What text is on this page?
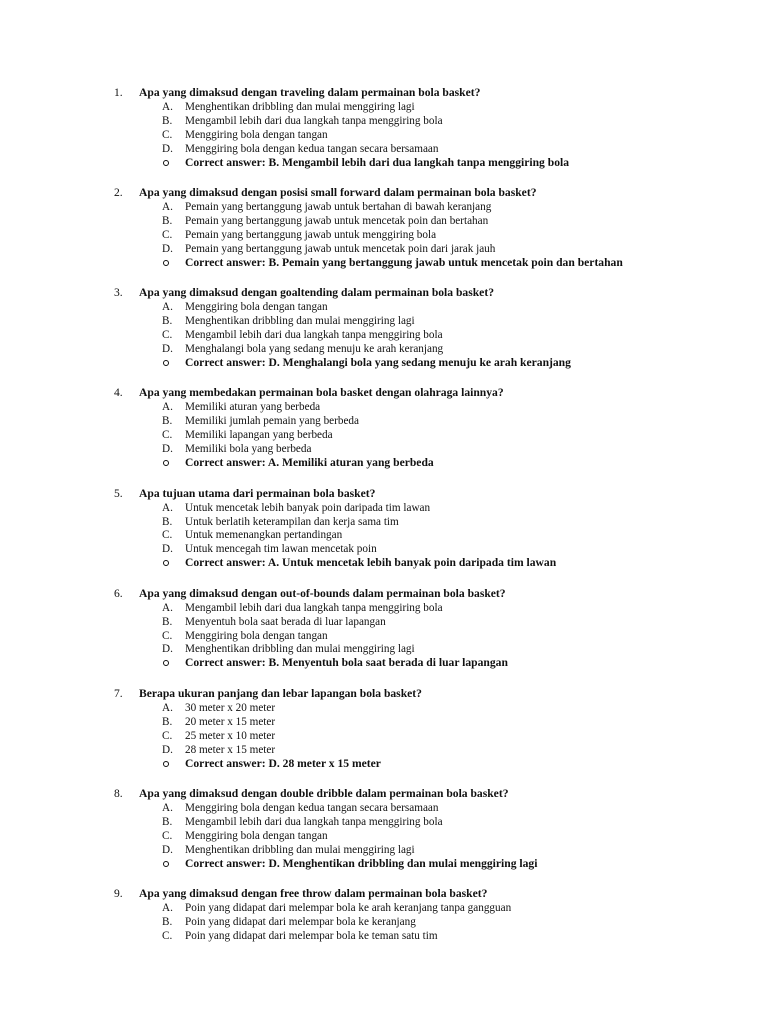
1. Apa yang dimaksud dengan traveling dalam permainan bola basket?
A. Menghentikan dribbling dan mulai menggiring lagi
B. Mengambil lebih dari dua langkah tanpa menggiring bola
C. Menggiring bola dengan tangan
D. Menggiring bola dengan kedua tangan secara bersamaan
Correct answer: B. Mengambil lebih dari dua langkah tanpa menggiring bola
2. Apa yang dimaksud dengan posisi small forward dalam permainan bola basket?
A. Pemain yang bertanggung jawab untuk bertahan di bawah keranjang
B. Pemain yang bertanggung jawab untuk mencetak poin dan bertahan
C. Pemain yang bertanggung jawab untuk menggiring bola
D. Pemain yang bertanggung jawab untuk mencetak poin dari jarak jauh
Correct answer: B. Pemain yang bertanggung jawab untuk mencetak poin dan bertahan
3. Apa yang dimaksud dengan goaltending dalam permainan bola basket?
A. Menggiring bola dengan tangan
B. Menghentikan dribbling dan mulai menggiring lagi
C. Mengambil lebih dari dua langkah tanpa menggiring bola
D. Menghalangi bola yang sedang menuju ke arah keranjang
Correct answer: D. Menghalangi bola yang sedang menuju ke arah keranjang
4. Apa yang membedakan permainan bola basket dengan olahraga lainnya?
A. Memiliki aturan yang berbeda
B. Memiliki jumlah pemain yang berbeda
C. Memiliki lapangan yang berbeda
D. Memiliki bola yang berbeda
Correct answer: A. Memiliki aturan yang berbeda
5. Apa tujuan utama dari permainan bola basket?
A. Untuk mencetak lebih banyak poin daripada tim lawan
B. Untuk berlatih keterampilan dan kerja sama tim
C. Untuk memenangkan pertandingan
D. Untuk mencegah tim lawan mencetak poin
Correct answer: A. Untuk mencetak lebih banyak poin daripada tim lawan
6. Apa yang dimaksud dengan out-of-bounds dalam permainan bola basket?
A. Mengambil lebih dari dua langkah tanpa menggiring bola
B. Menyentuh bola saat berada di luar lapangan
C. Menggiring bola dengan tangan
D. Menghentikan dribbling dan mulai menggiring lagi
Correct answer: B. Menyentuh bola saat berada di luar lapangan
7. Berapa ukuran panjang dan lebar lapangan bola basket?
A. 30 meter x 20 meter
B. 20 meter x 15 meter
C. 25 meter x 10 meter
D. 28 meter x 15 meter
Correct answer: D. 28 meter x 15 meter
8. Apa yang dimaksud dengan double dribble dalam permainan bola basket?
A. Menggiring bola dengan kedua tangan secara bersamaan
B. Mengambil lebih dari dua langkah tanpa menggiring bola
C. Menggiring bola dengan tangan
D. Menghentikan dribbling dan mulai menggiring lagi
Correct answer: D. Menghentikan dribbling dan mulai menggiring lagi
9. Apa yang dimaksud dengan free throw dalam permainan bola basket?
A. Poin yang didapat dari melempar bola ke arah keranjang tanpa gangguan
B. Poin yang didapat dari melempar bola ke keranjang
C. Poin yang didapat dari melempar bola ke teman satu tim
